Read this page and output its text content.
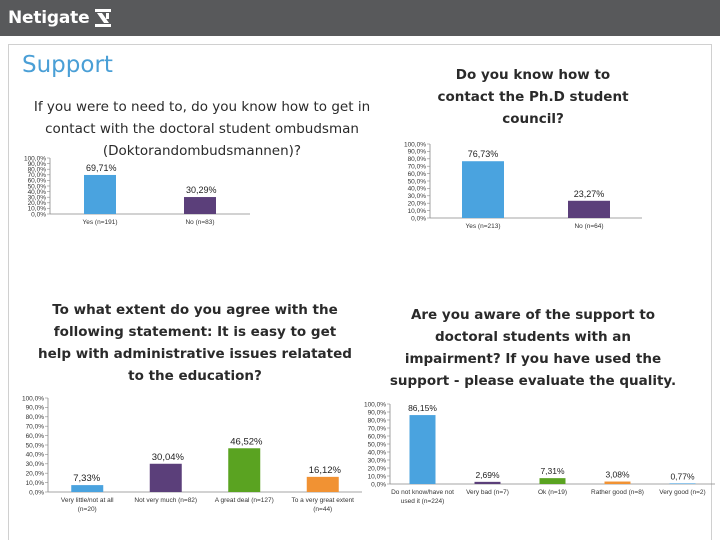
Netigate
Support
If you were to need to, do you know how to get in contact with the doctoral student ombudsman (Doktorandombudsmannen)?
Do you know how to contact the Ph.D student council?
To what extent do you agree with the following statement: It is easy to get help with administrative issues relatated to the education?
Are you aware of the support to doctoral students with an impairment? If you have used the support - please evaluate the quality.
0,0%
10,0%
20,0%
30,0%
40,0%
50,0%
60,0%
70,0%
80,0%
90,0%
100,0%
69,71%
Yes (n=191)
30,29%
No (n=83)
0,0%
10,0%
20,0%
30,0%
40,0%
50,0%
60,0%
70,0%
80,0%
90,0%
100,0%
76,73%
Yes (n=213)
23,27%
No (n=64)
0,0%
10,0%
20,0%
30,0%
40,0%
50,0%
60,0%
70,0%
80,0%
90,0%
100,0%
7,33%
Very little/not at all (n=20)
30,04%
Not very much (n=82)
46,52%
A great deal (n=127)
16,12%
To a very great extent (n=44)
0,0%
10,0%
20,0%
30,0%
40,0%
50,0%
60,0%
70,0%
80,0%
90,0%
100,0%	86,15%
Do not know/have not used it (n=224)
2,69%
Very bad (n=7)
7,31%
Ok (n=19)
3,08%
Rather good (n=8)
0,77%
Very good (n=2)
